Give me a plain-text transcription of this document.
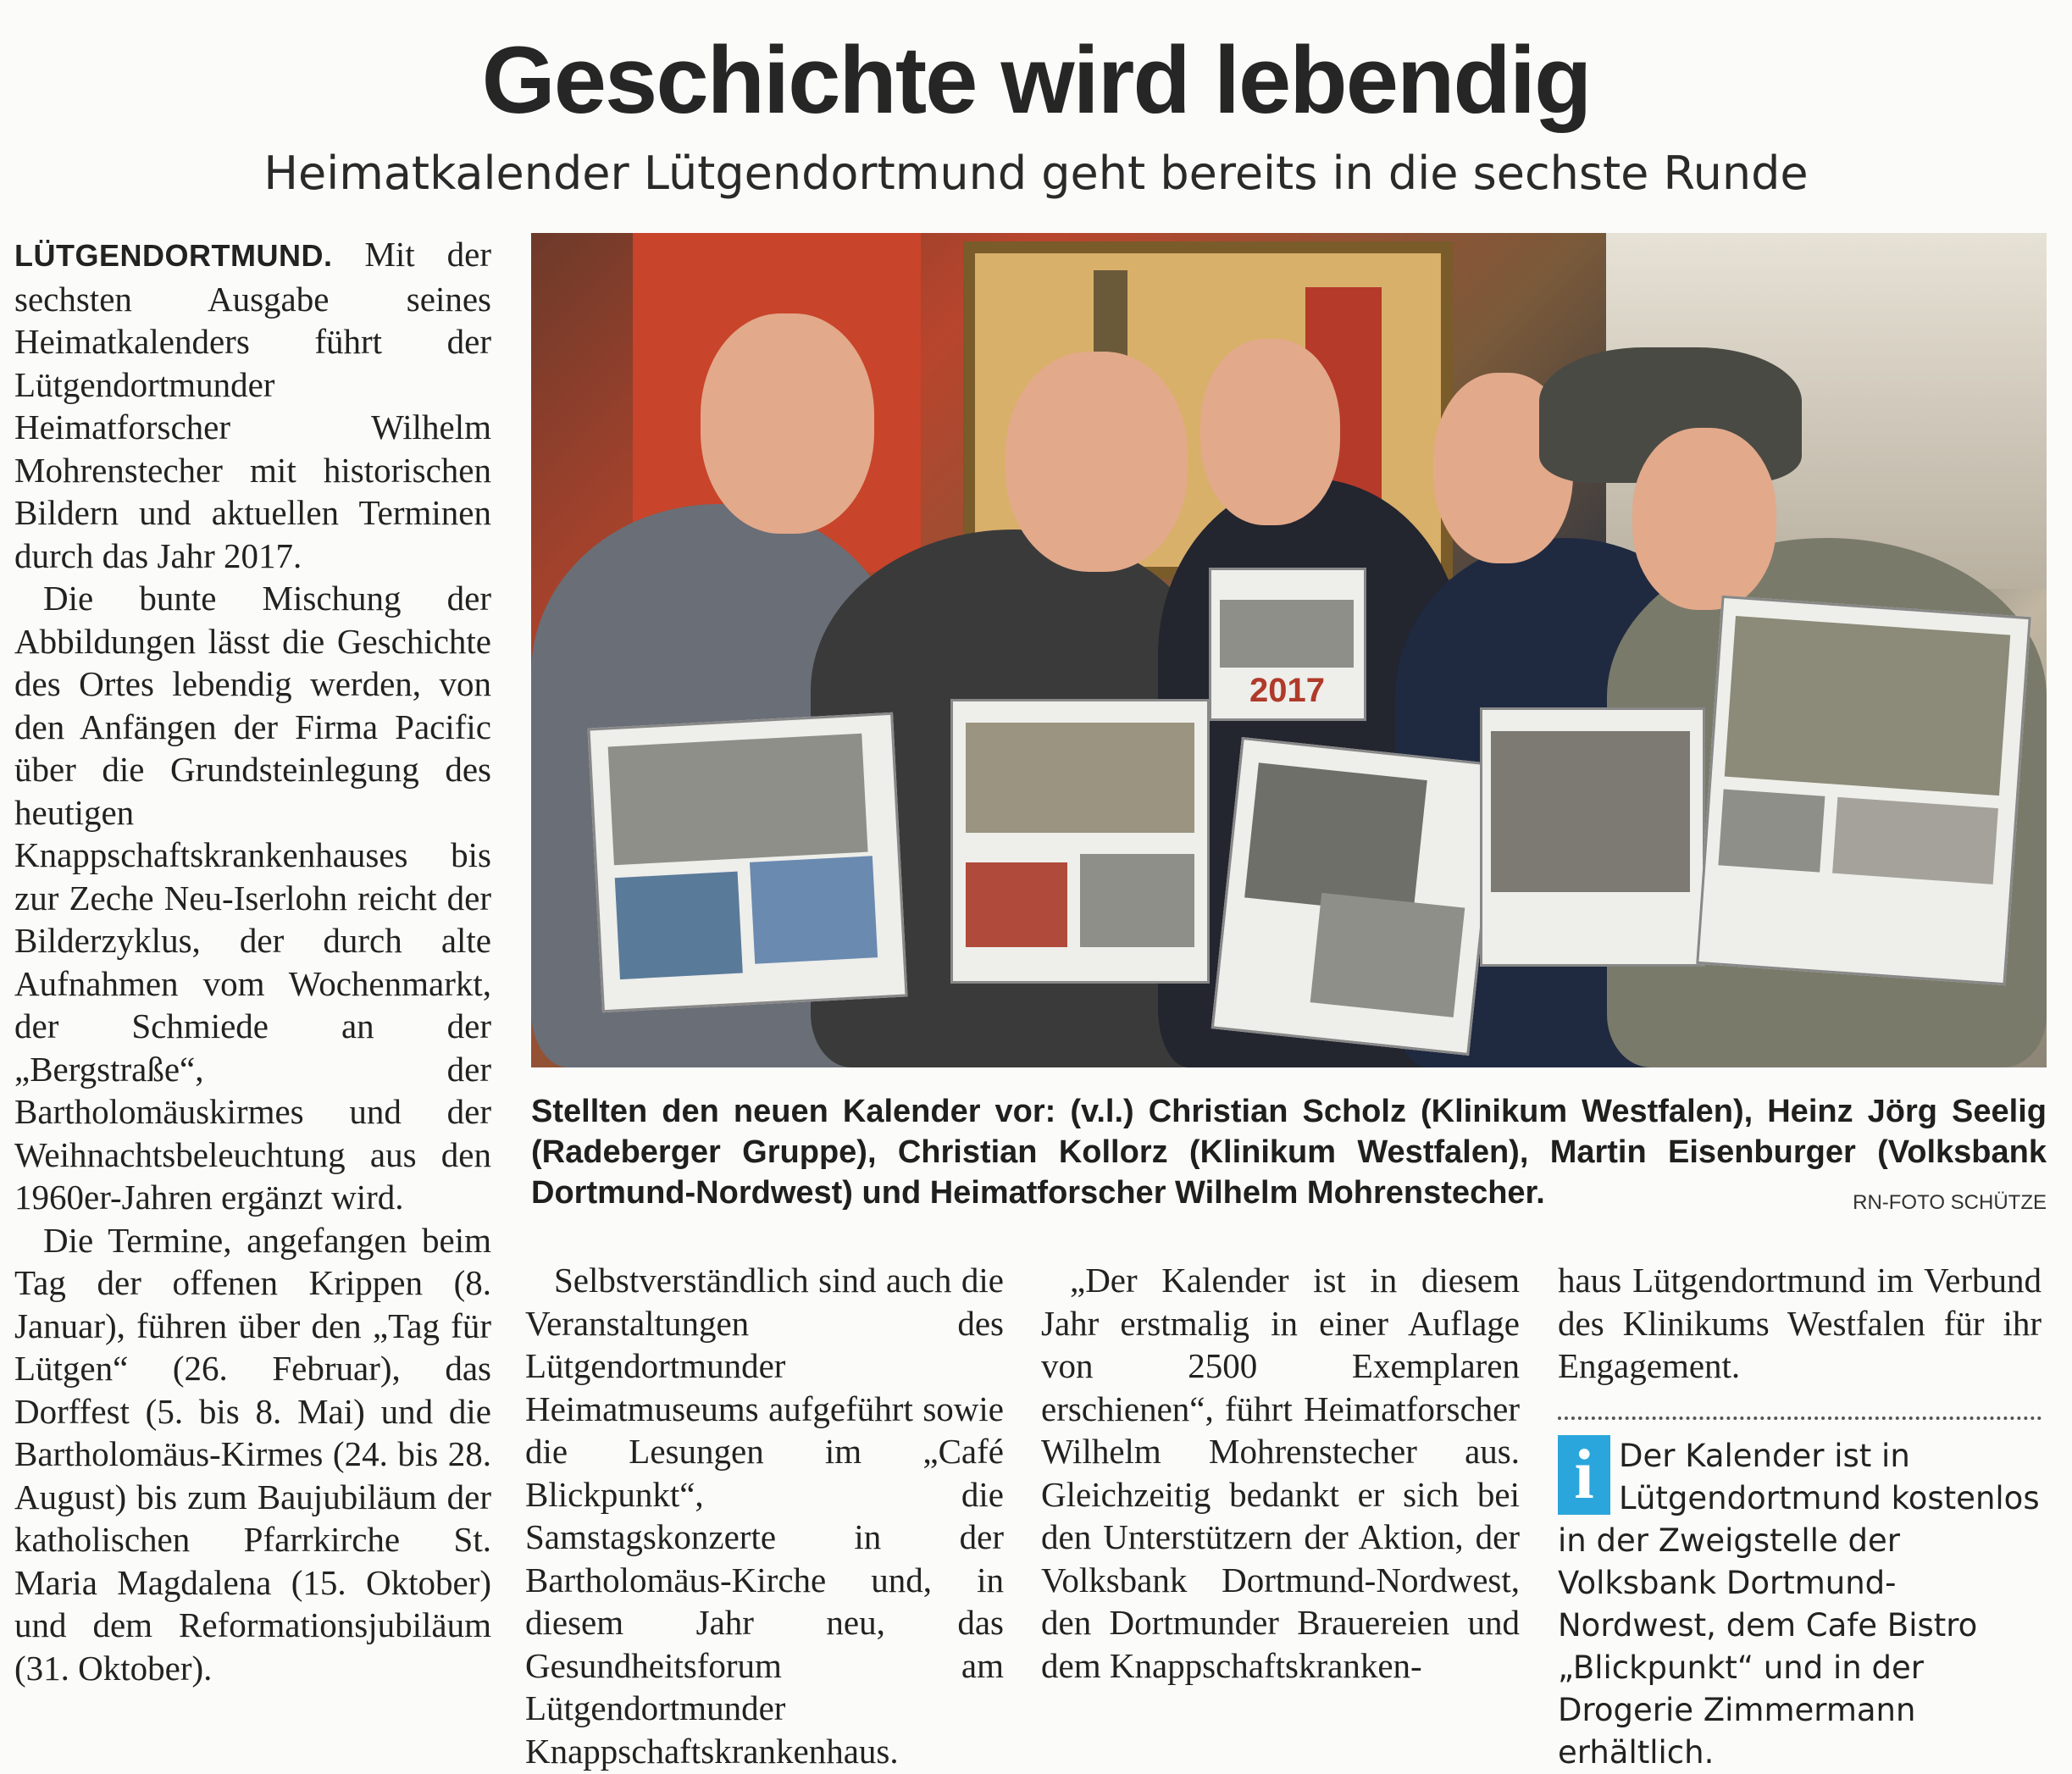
Geschichte wird lebendig
Heimatkalender Lütgendortmund geht bereits in die sechste Runde

LÜTGENDORTMUND. Mit der sechsten Ausgabe seines Heimatkalenders führt der Lütgendortmunder Heimatforscher Wilhelm Mohrenstecher mit historischen Bildern und aktuellen Terminen durch das Jahr 2017.

Die bunte Mischung der Abbildungen lässt die Geschichte des Ortes lebendig werden, von den Anfängen der Firma Pacific über die Grundsteinlegung des heutigen Knappschaftskrankenhauses bis zur Zeche Neu-Iserlohn reicht der Bilderzyklus, der durch alte Aufnahmen vom Wochenmarkt, der Schmiede an der „Bergstraße“, der Bartholomäuskirmes und der Weihnachtsbeleuchtung aus den 1960er-Jahren ergänzt wird.

Die Termine, angefangen beim Tag der offenen Krippen (8. Januar), führen über den „Tag für Lütgen“ (26. Februar), das Dorffest (5. bis 8. Mai) und die Bartholomäus-Kirmes (24. bis 28. August) bis zum Baujubiläum der katholischen Pfarrkirche St. Maria Magdalena (15. Oktober) und dem Reformationsjubiläum (31. Oktober).

2017
Stellten den neuen Kalender vor: (v.l.) Christian Scholz (Klinikum Westfalen), Heinz Jörg Seelig (Radeberger Gruppe), Christian Kollorz (Klinikum Westfalen), Martin Eisenburger (Volksbank Dortmund-Nordwest) und Heimatforscher Wilhelm Mohrenstecher.	RN-FOTO SCHÜTZE

Selbstverständlich sind auch die Veranstaltungen des Lütgendortmunder Heimatmuseums aufgeführt sowie die Lesungen im „Café Blickpunkt“, die Samstagskonzerte in der Bartholomäus-Kirche und, in diesem Jahr neu, das Gesundheitsforum am Lütgendortmunder Knappschaftskrankenhaus.

„Der Kalender ist in diesem Jahr erstmalig in einer Auflage von 2500 Exemplaren erschienen“, führt Heimatforscher Wilhelm Mohrenstecher aus. Gleichzeitig bedankt er sich bei den Unterstützern der Aktion, der Volksbank Dortmund-Nordwest, den Dortmunder Brauereien und dem Knappschaftskranken-

haus Lütgendortmund im Verbund des Klinikums Westfalen für ihr Engagement.

i Der Kalender ist in Lütgendortmund kostenlos in der Zweigstelle der Volksbank Dortmund-Nordwest, dem Cafe Bistro „Blickpunkt“ und in der Drogerie Zimmermann erhältlich.
